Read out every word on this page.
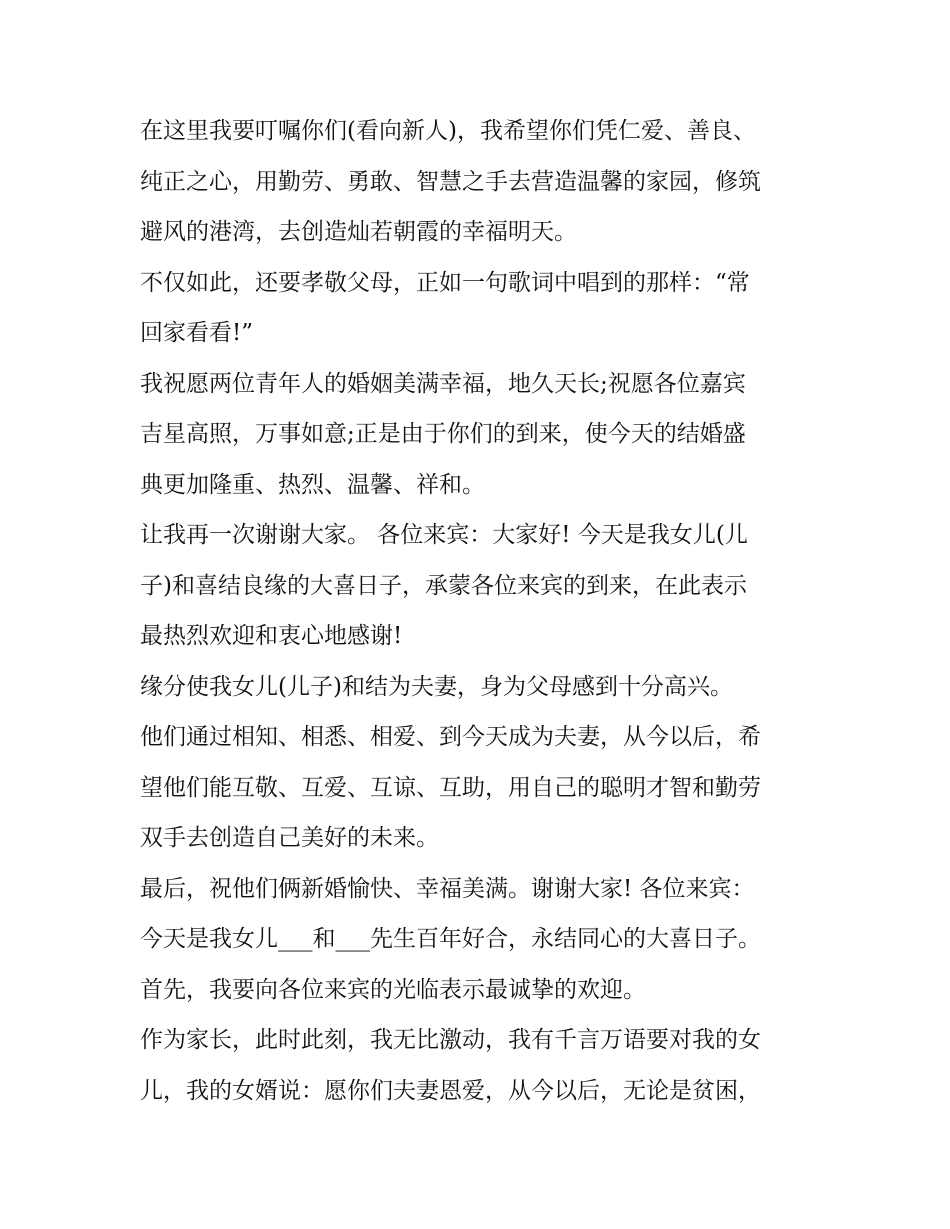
在这里我要叮嘱你们(看向新人)，我希望你们凭仁爱、善良、
纯正之心，用勤劳、勇敢、智慧之手去营造温馨的家园，修筑
避风的港湾，去创造灿若朝霞的幸福明天。
不仅如此，还要孝敬父母，正如一句歌词中唱到的那样：“常
回家看看!”
我祝愿两位青年人的婚姻美满幸福，地久天长;祝愿各位嘉宾
吉星高照，万事如意;正是由于你们的到来，使今天的结婚盛
典更加隆重、热烈、温馨、祥和。
让我再一次谢谢大家。 各位来宾：大家好! 今天是我女儿(儿
子)和喜结良缘的大喜日子，承蒙各位来宾的到来，在此表示
最热烈欢迎和衷心地感谢!
缘分使我女儿(儿子)和结为夫妻，身为父母感到十分高兴。
他们通过相知、相悉、相爱、到今天成为夫妻，从今以后，希
望他们能互敬、互爱、互谅、互助，用自己的聪明才智和勤劳
双手去创造自己美好的未来。
最后，祝他们俩新婚愉快、幸福美满。谢谢大家! 各位来宾：
今天是我女儿___和___先生百年好合，永结同心的大喜日子。
首先，我要向各位来宾的光临表示最诚挚的欢迎。
作为家长，此时此刻，我无比激动，我有千言万语要对我的女
儿，我的女婿说：愿你们夫妻恩爱，从今以后，无论是贫困，
